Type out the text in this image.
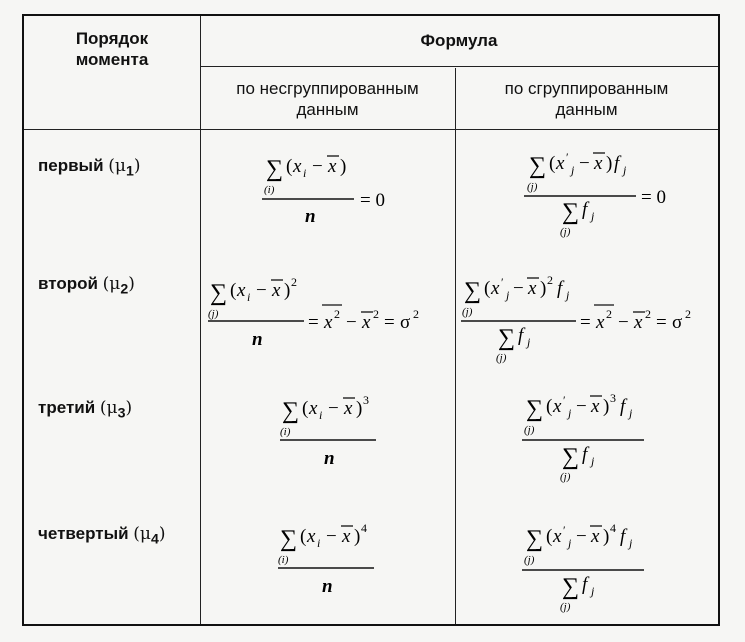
Порядок
момента
Формула
по несгруппированным
данным
по сгруппированным
данным
первый $(\mu_1)$
второй $(\mu_2)$
третий $(\mu_3)$
четвертый $(\mu_4)$
∑
(i)
( x i − x )
n
= 0
∑
(j)
( x ′
j − x ) f j
∑
(j)
f j
= 0
∑
(j)
( x i − x ) 2
n
= x 2 − x 2 = σ 2
∑
(j)
( x ′
j − x ) 2 f j
∑
(j)
f j
= x 2 − x 2 = σ 2
∑
(i)
( x i − x ) 3
n
∑
(j)
( x ′
j − x ) 3 f j
∑
(j)
f j
∑
(i)
( x i − x ) 4
n
∑
(j)
( x ′
j − x ) 4 f j
∑
(j)
f j
